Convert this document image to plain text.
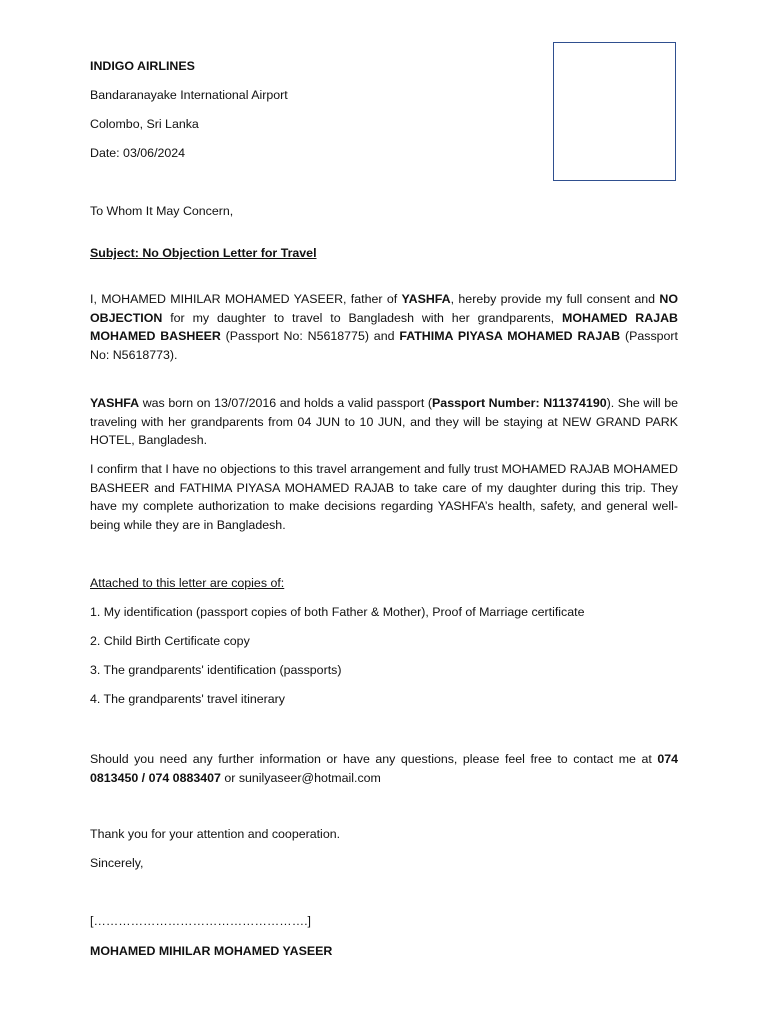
INDIGO AIRLINES
Bandaranayake International Airport
Colombo, Sri Lanka
Date: 03/06/2024
To Whom It May Concern,
Subject: No Objection Letter for Travel
I, MOHAMED MIHILAR MOHAMED YASEER, father of YASHFA, hereby provide my full consent and NO OBJECTION for my daughter to travel to Bangladesh with her grandparents, MOHAMED RAJAB MOHAMED BASHEER (Passport No: N5618775) and FATHIMA PIYASA MOHAMED RAJAB (Passport No: N5618773).
YASHFA was born on 13/07/2016 and holds a valid passport (Passport Number: N11374190). She will be traveling with her grandparents from 04 JUN to 10 JUN, and they will be staying at NEW GRAND PARK HOTEL, Bangladesh.
I confirm that I have no objections to this travel arrangement and fully trust MOHAMED RAJAB MOHAMED BASHEER and FATHIMA PIYASA MOHAMED RAJAB to take care of my daughter during this trip. They have my complete authorization to make decisions regarding YASHFA’s health, safety, and general well-being while they are in Bangladesh.
Attached to this letter are copies of:
1. My identification (passport copies of both Father & Mother), Proof of Marriage certificate
2. Child Birth Certificate copy
3. The grandparents' identification (passports)
4. The grandparents' travel itinerary
Should you need any further information or have any questions, please feel free to contact me at 074 0813450 / 074 0883407 or sunilyaseer@hotmail.com
Thank you for your attention and cooperation.
Sincerely,
[…………………………………………….]
MOHAMED MIHILAR MOHAMED YASEER
